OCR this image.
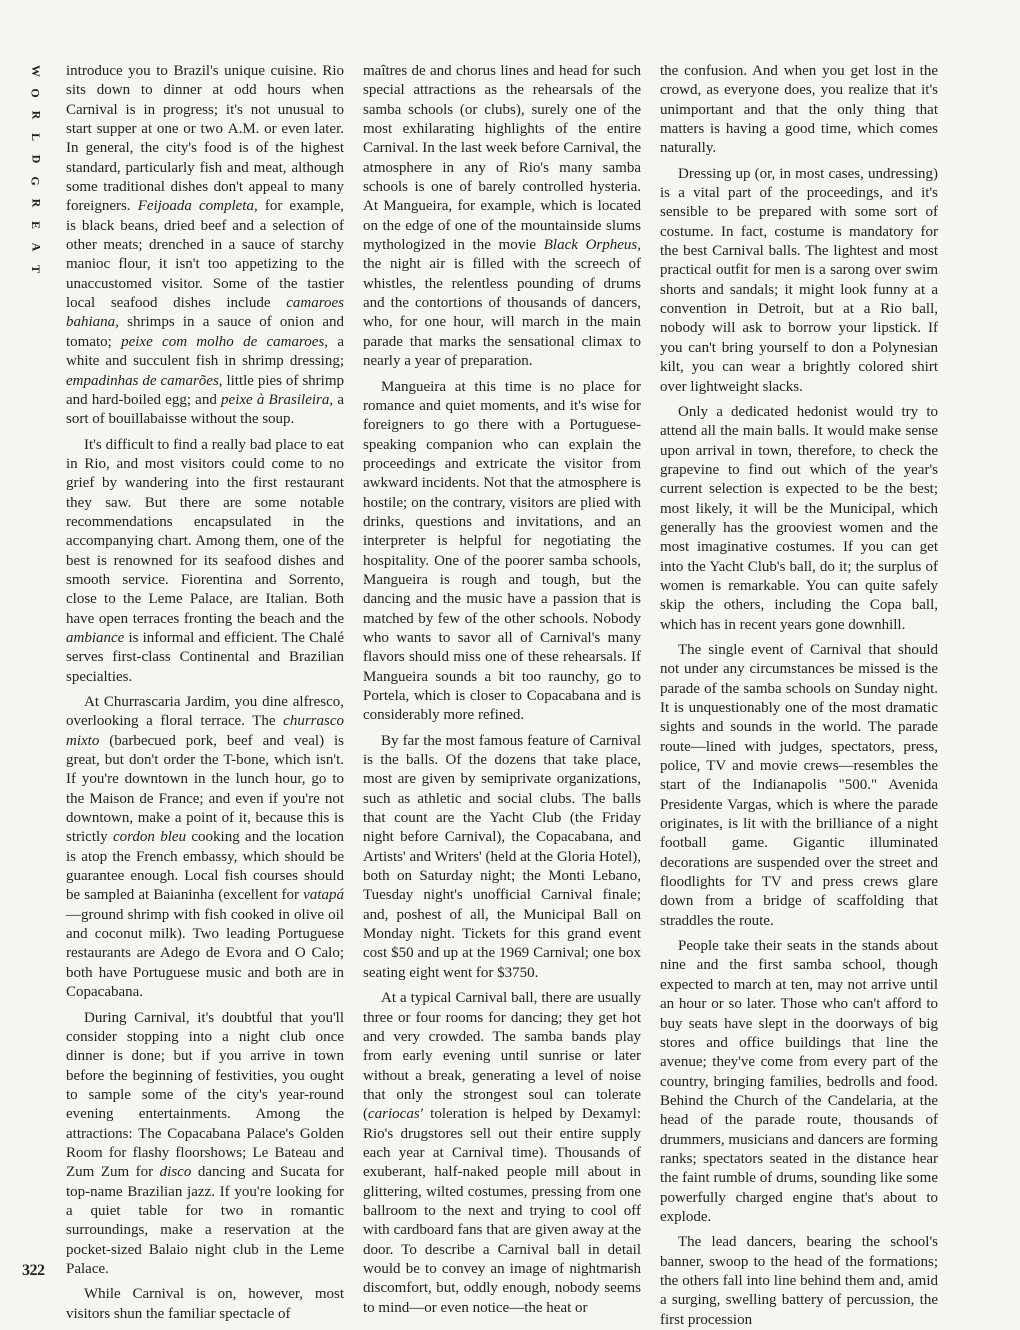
W
O
R
L
D
G
R
E
A
T

introduce you to Brazil's unique cuisine. Rio sits down to dinner at odd hours when Carnival is in progress; it's not unusual to start supper at one or two A.M. or even later. In general, the city's food is of the highest standard, particularly fish and meat, although some traditional dishes don't appeal to many foreigners. Feijoada completa, for example, is black beans, dried beef and a selection of other meats; drenched in a sauce of starchy manioc flour, it isn't too appetizing to the unaccustomed visitor. Some of the tastier local seafood dishes include camaroes bahiana, shrimps in a sauce of onion and tomato; peixe com molho de camaroes, a white and succulent fish in shrimp dressing; empadinhas de camarões, little pies of shrimp and hard-boiled egg; and peixe à Brasileira, a sort of bouillabaisse without the soup.

It's difficult to find a really bad place to eat in Rio, and most visitors could come to no grief by wandering into the first restaurant they saw. But there are some notable recommendations encapsulated in the accompanying chart. Among them, one of the best is renowned for its seafood dishes and smooth service. Fiorentina and Sorrento, close to the Leme Palace, are Italian. Both have open terraces fronting the beach and the ambiance is informal and efficient. The Chalé serves first-class Continental and Brazilian specialties.

At Churrascaria Jardim, you dine alfresco, overlooking a floral terrace. The churrasco mixto (barbecued pork, beef and veal) is great, but don't order the T-bone, which isn't. If you're downtown in the lunch hour, go to the Maison de France; and even if you're not downtown, make a point of it, because this is strictly cordon bleu cooking and the location is atop the French embassy, which should be guarantee enough. Local fish courses should be sampled at Baianinha (excellent for vatapá—ground shrimp with fish cooked in olive oil and coconut milk). Two leading Portuguese restaurants are Adego de Evora and O Calo; both have Portuguese music and both are in Copacabana.

During Carnival, it's doubtful that you'll consider stopping into a night club once dinner is done; but if you arrive in town before the beginning of festivities, you ought to sample some of the city's year-round evening entertainments. Among the attractions: The Copacabana Palace's Golden Room for flashy floorshows; Le Bateau and Zum Zum for disco dancing and Sucata for top-name Brazilian jazz. If you're looking for a quiet table for two in romantic surroundings, make a reservation at the pocket-sized Balaio night club in the Leme Palace.

While Carnival is on, however, most visitors shun the familiar spectacle of

maîtres de and chorus lines and head for such special attractions as the rehearsals of the samba schools (or clubs), surely one of the most exhilarating highlights of the entire Carnival. In the last week before Carnival, the atmosphere in any of Rio's many samba schools is one of barely controlled hysteria. At Mangueira, for example, which is located on the edge of one of the mountainside slums mythologized in the movie Black Orpheus, the night air is filled with the screech of whistles, the relentless pounding of drums and the contortions of thousands of dancers, who, for one hour, will march in the main parade that marks the sensational climax to nearly a year of preparation.

Mangueira at this time is no place for romance and quiet moments, and it's wise for foreigners to go there with a Portuguese-speaking companion who can explain the proceedings and extricate the visitor from awkward incidents. Not that the atmosphere is hostile; on the contrary, visitors are plied with drinks, questions and invitations, and an interpreter is helpful for negotiating the hospitality. One of the poorer samba schools, Mangueira is rough and tough, but the dancing and the music have a passion that is matched by few of the other schools. Nobody who wants to savor all of Carnival's many flavors should miss one of these rehearsals. If Mangueira sounds a bit too raunchy, go to Portela, which is closer to Copacabana and is considerably more refined.

By far the most famous feature of Carnival is the balls. Of the dozens that take place, most are given by semiprivate organizations, such as athletic and social clubs. The balls that count are the Yacht Club (the Friday night before Carnival), the Copacabana, and Artists' and Writers' (held at the Gloria Hotel), both on Saturday night; the Monti Lebano, Tuesday night's unofficial Carnival finale; and, poshest of all, the Municipal Ball on Monday night. Tickets for this grand event cost $50 and up at the 1969 Carnival; one box seating eight went for $3750.

At a typical Carnival ball, there are usually three or four rooms for dancing; they get hot and very crowded. The samba bands play from early evening until sunrise or later without a break, generating a level of noise that only the strongest soul can tolerate (cariocas' toleration is helped by Dexamyl: Rio's drugstores sell out their entire supply each year at Carnival time). Thousands of exuberant, half-naked people mill about in glittering, wilted costumes, pressing from one ballroom to the next and trying to cool off with cardboard fans that are given away at the door. To describe a Carnival ball in detail would be to convey an image of nightmarish discomfort, but, oddly enough, nobody seems to mind—or even notice—the heat or

the confusion. And when you get lost in the crowd, as everyone does, you realize that it's unimportant and that the only thing that matters is having a good time, which comes naturally.

Dressing up (or, in most cases, undressing) is a vital part of the proceedings, and it's sensible to be prepared with some sort of costume. In fact, costume is mandatory for the best Carnival balls. The lightest and most practical outfit for men is a sarong over swim shorts and sandals; it might look funny at a convention in Detroit, but at a Rio ball, nobody will ask to borrow your lipstick. If you can't bring yourself to don a Polynesian kilt, you can wear a brightly colored shirt over lightweight slacks.

Only a dedicated hedonist would try to attend all the main balls. It would make sense upon arrival in town, therefore, to check the grapevine to find out which of the year's current selection is expected to be the best; most likely, it will be the Municipal, which generally has the grooviest women and the most imaginative costumes. If you can get into the Yacht Club's ball, do it; the surplus of women is remarkable. You can quite safely skip the others, including the Copa ball, which has in recent years gone downhill.

The single event of Carnival that should not under any circumstances be missed is the parade of the samba schools on Sunday night. It is unquestionably one of the most dramatic sights and sounds in the world. The parade route—lined with judges, spectators, press, police, TV and movie crews—resembles the start of the Indianapolis "500." Avenida Presidente Vargas, which is where the parade originates, is lit with the brilliance of a night football game. Gigantic illuminated decorations are suspended over the street and floodlights for TV and press crews glare down from a bridge of scaffolding that straddles the route.

People take their seats in the stands about nine and the first samba school, though expected to march at ten, may not arrive until an hour or so later. Those who can't afford to buy seats have slept in the doorways of big stores and office buildings that line the avenue; they've come from every part of the country, bringing families, bedrolls and food. Behind the Church of the Candelaria, at the head of the parade route, thousands of drummers, musicians and dancers are forming ranks; spectators seated in the distance hear the faint rumble of drums, sounding like some powerfully charged engine that's about to explode.

The lead dancers, bearing the school's banner, swoop to the head of the formations; the others fall into line behind them and, amid a surging, swelling battery of percussion, the first procession

322
